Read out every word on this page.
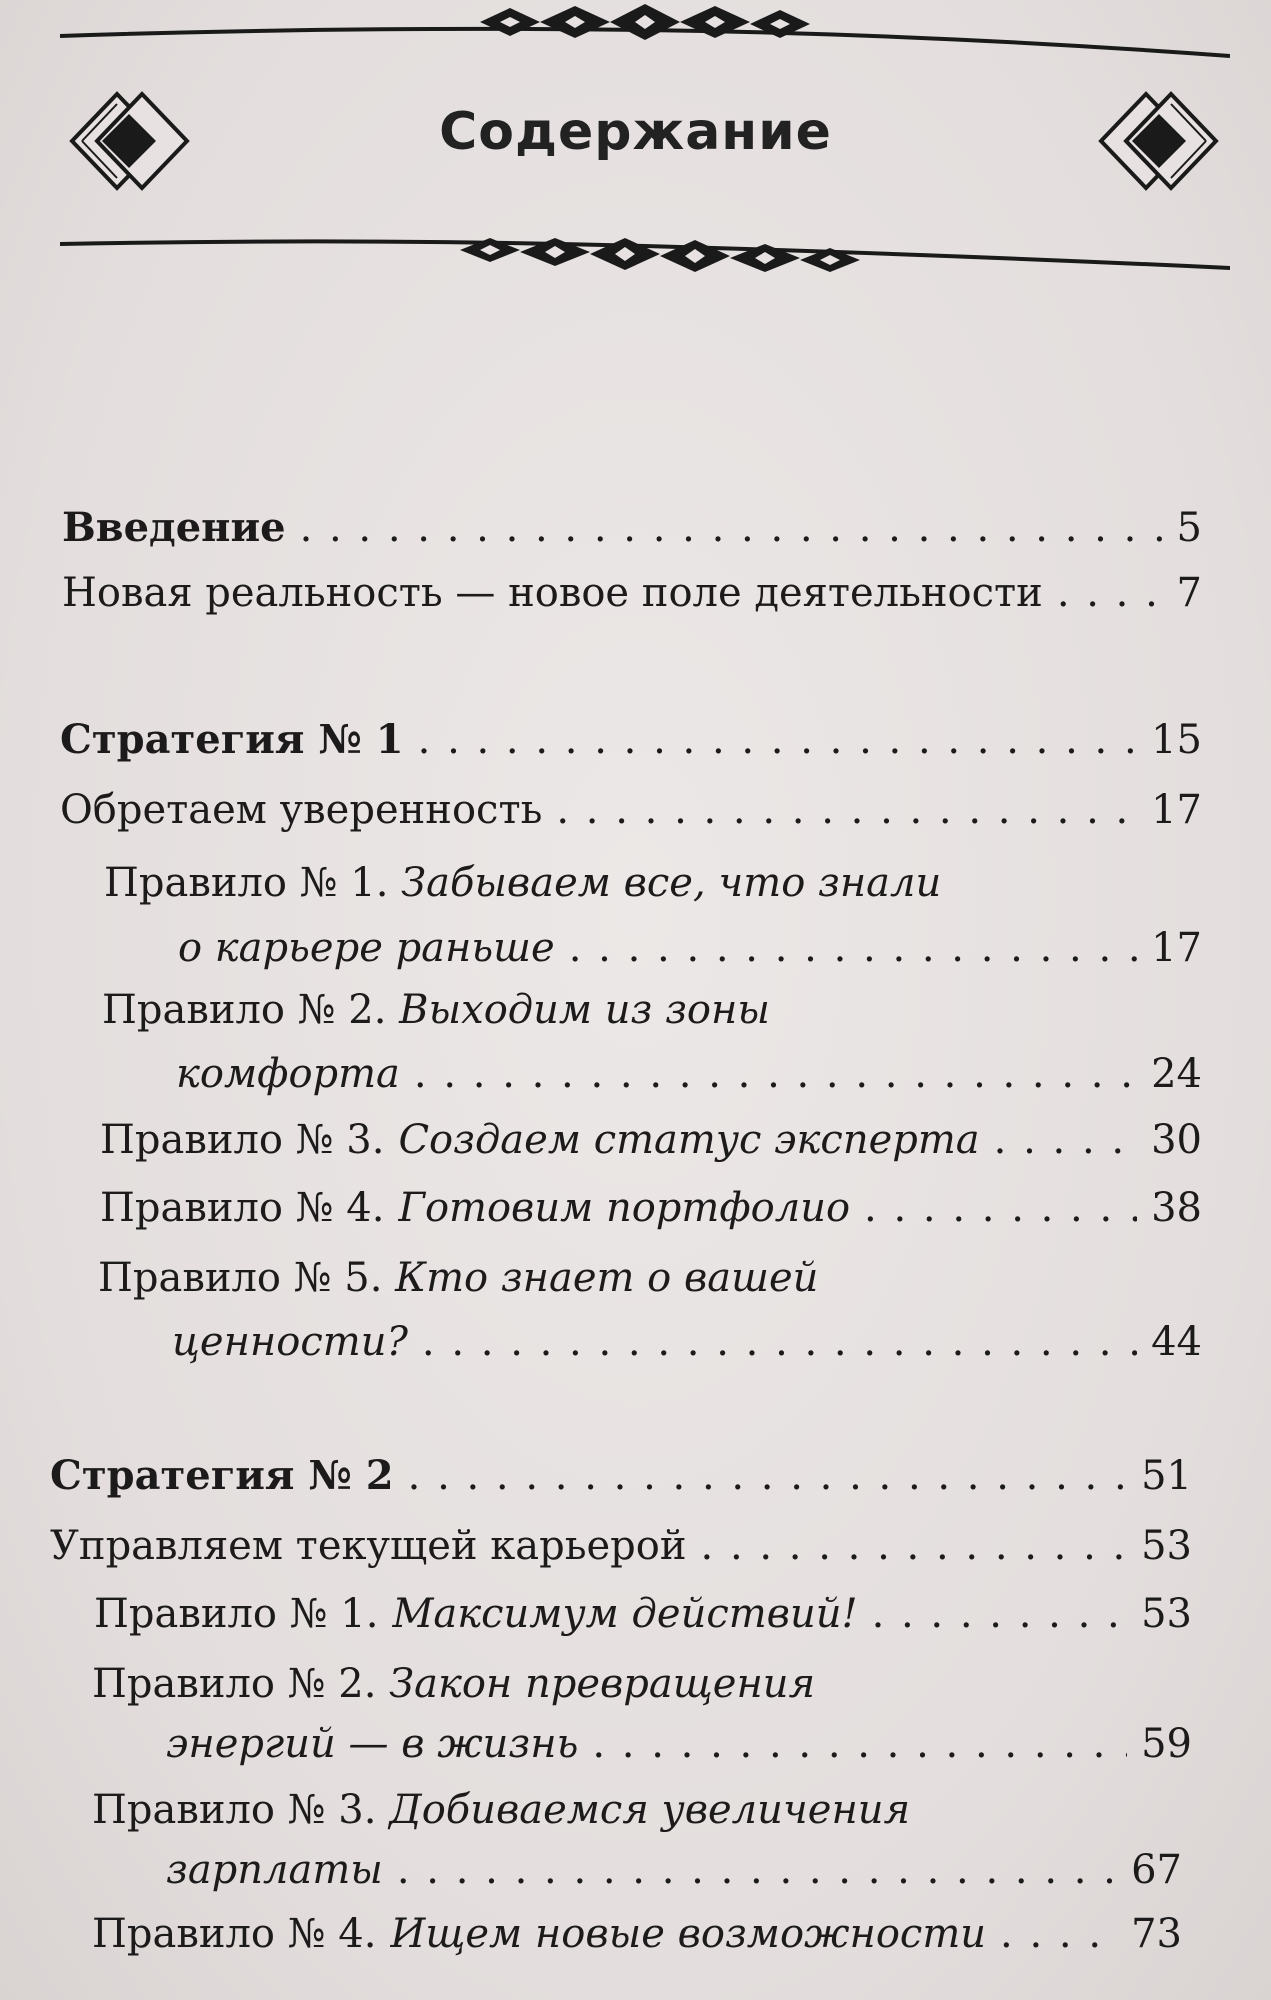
Содержание
Введение . . .	5
Новая реальность — новое поле деятельности . . .	7
Стратегия № 1 . . .	15
Обретаем уверенность . . .	17
Правило № 1. Забываем все, что знали
о карьере раньше . . .	17
Правило № 2. Выходим из зоны
комфорта . . .	24
Правило № 3. Создаем статус эксперта . . .	30
Правило № 4. Готовим портфолио . . .	38
Правило № 5. Кто знает о вашей
ценности? . . .	44
Стратегия № 2 . . .	51
Управляем текущей карьерой . . .	53
Правило № 1. Максимум действий! . . .	53
Правило № 2. Закон превращения
энергий — в жизнь . . .	59
Правило № 3. Добиваемся увеличения
зарплаты . . .	67
Правило № 4. Ищем новые возможности . . .	73
